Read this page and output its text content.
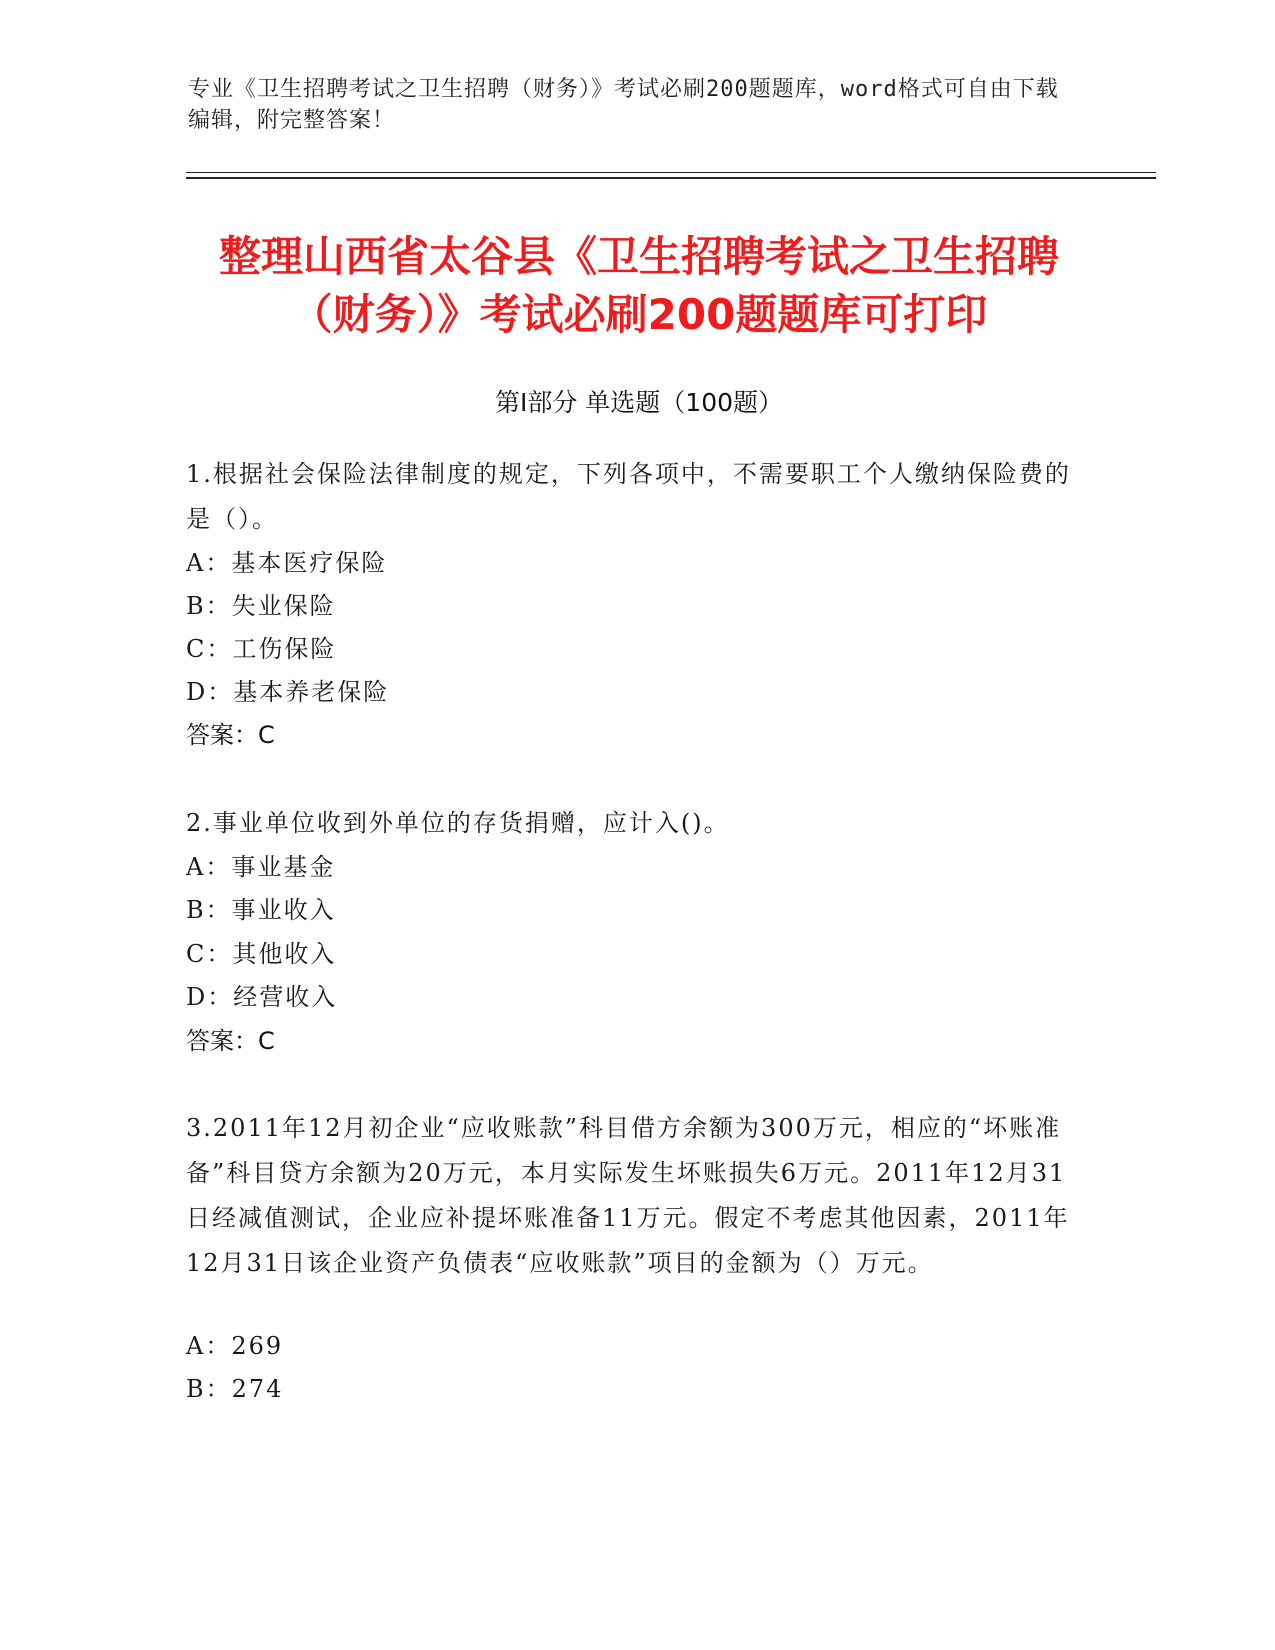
专业《卫生招聘考试之卫生招聘（财务）》考试必刷200题题库，word格式可自由下载编辑，附完整答案！
整理山西省太谷县《卫生招聘考试之卫生招聘（财务）》考试必刷200题题库可打印
第Ⅰ部分 单选题（100题）
1.根据社会保险法律制度的规定，下列各项中，不需要职工个人缴纳保险费的是（）。
A：基本医疗保险
B：失业保险
C：工伤保险
D：基本养老保险
答案：C
2.事业单位收到外单位的存货捐赠，应计入()。
A：事业基金
B：事业收入
C：其他收入
D：经营收入
答案：C
3.2011年12月初企业“应收账款”科目借方余额为300万元，相应的“坏账准备”科目贷方余额为20万元，本月实际发生坏账损失6万元。2011年12月31日经减值测试，企业应补提坏账准备11万元。假定不考虑其他因素，2011年12月31日该企业资产负债表“应收账款”项目的金额为（）万元。
A：269
B：274
